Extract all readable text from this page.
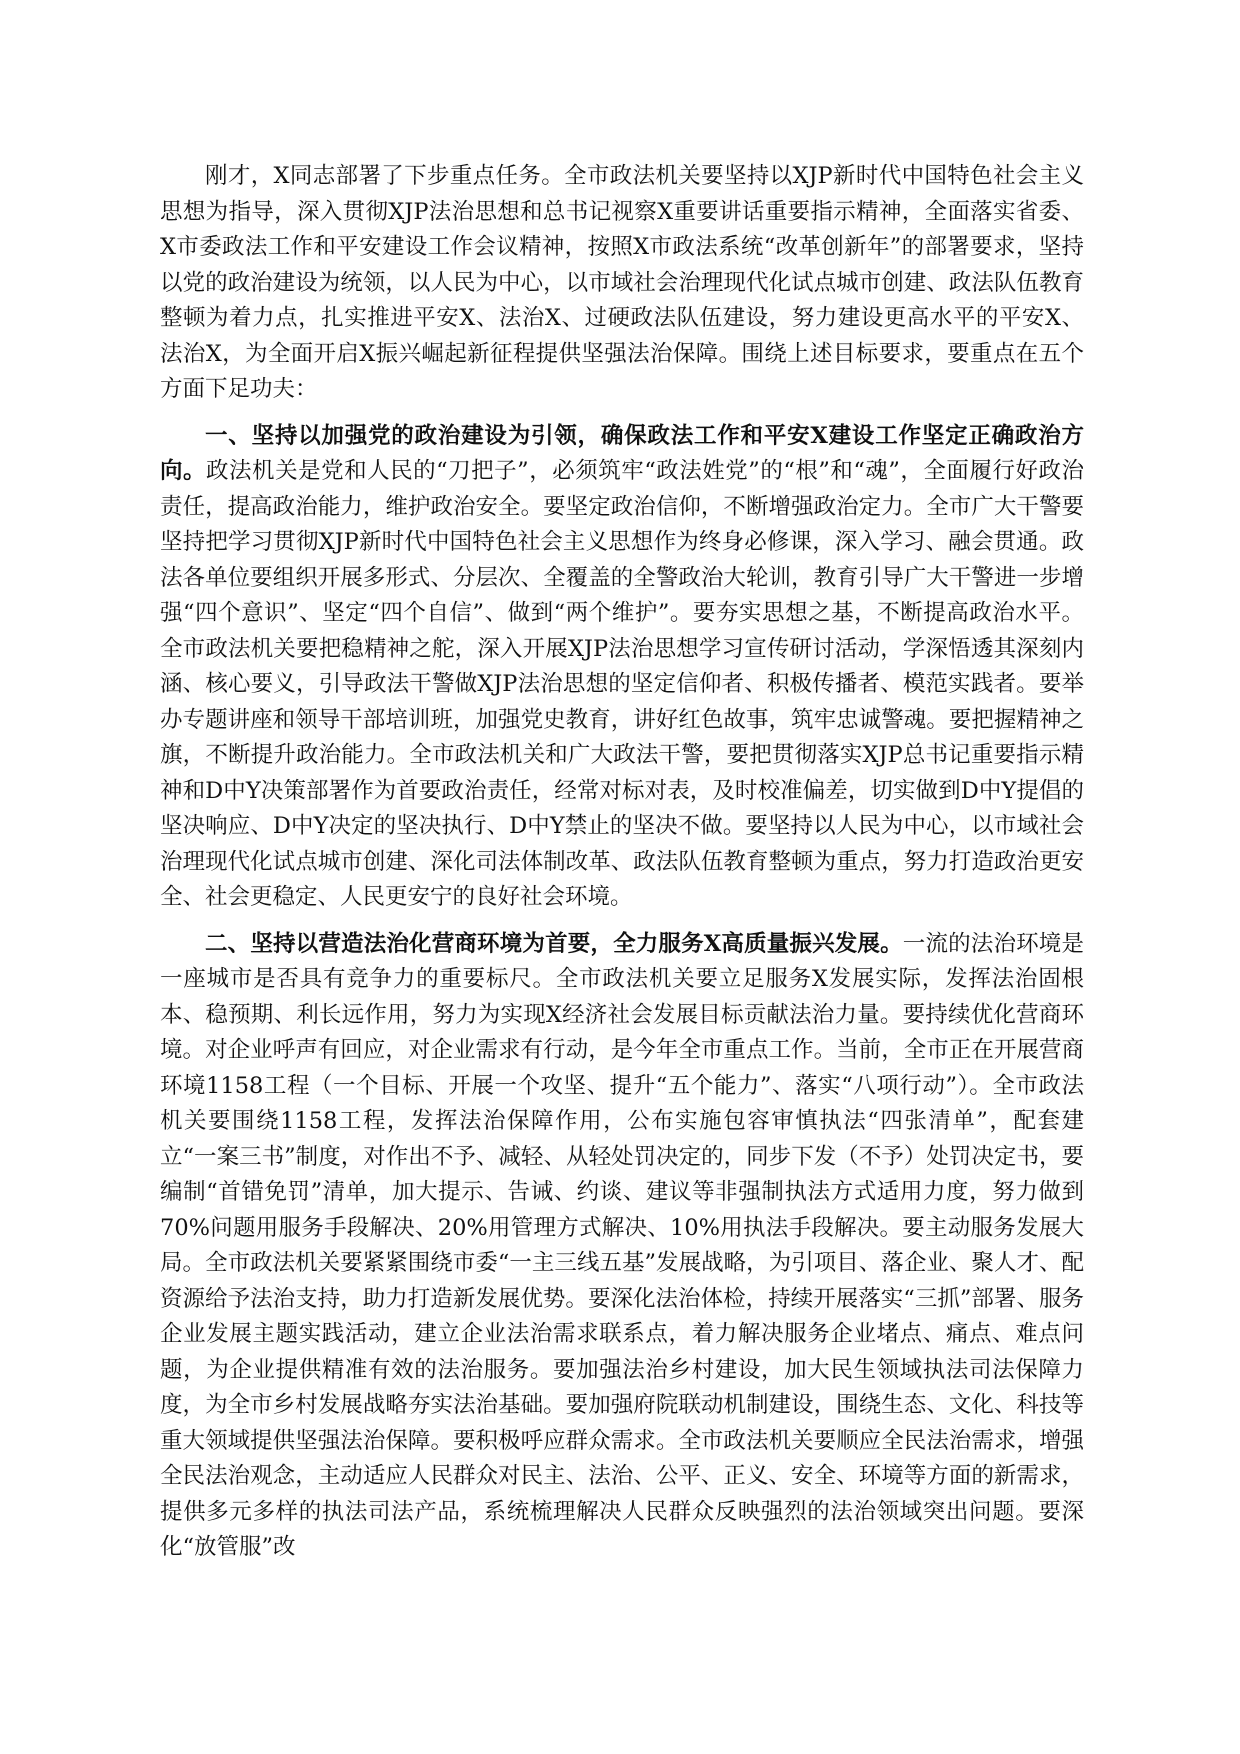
刚才，X同志部署了下步重点任务。全市政法机关要坚持以XJP新时代中国特色社会主义思想为指导，深入贯彻XJP法治思想和总书记视察X重要讲话重要指示精神，全面落实省委、X市委政法工作和平安建设工作会议精神，按照X市政法系统“改革创新年”的部署要求，坚持以党的政治建设为统领，以人民为中心，以市域社会治理现代化试点城市创建、政法队伍教育整顿为着力点，扎实推进平安X、法治X、过硬政法队伍建设，努力建设更高水平的平安X、法治X，为全面开启X振兴崛起新征程提供坚强法治保障。围绕上述目标要求，要重点在五个方面下足功夫：

一、坚持以加强党的政治建设为引领，确保政法工作和平安X建设工作坚定正确政治方向。政法机关是党和人民的“刀把子”，必须筑牢“政法姓党”的“根”和“魂”，全面履行好政治责任，提高政治能力，维护政治安全。要坚定政治信仰，不断增强政治定力。全市广大干警要坚持把学习贯彻XJP新时代中国特色社会主义思想作为终身必修课，深入学习、融会贯通。政法各单位要组织开展多形式、分层次、全覆盖的全警政治大轮训，教育引导广大干警进一步增强“四个意识”、坚定“四个自信”、做到“两个维护”。要夯实思想之基，不断提高政治水平。全市政法机关要把稳精神之舵，深入开展XJP法治思想学习宣传研讨活动，学深悟透其深刻内涵、核心要义，引导政法干警做XJP法治思想的坚定信仰者、积极传播者、模范实践者。要举办专题讲座和领导干部培训班，加强党史教育，讲好红色故事，筑牢忠诚警魂。要把握精神之旗，不断提升政治能力。全市政法机关和广大政法干警，要把贯彻落实XJP总书记重要指示精神和D中Y决策部署作为首要政治责任，经常对标对表，及时校准偏差，切实做到D中Y提倡的坚决响应、D中Y决定的坚决执行、D中Y禁止的坚决不做。要坚持以人民为中心，以市域社会治理现代化试点城市创建、深化司法体制改革、政法队伍教育整顿为重点，努力打造政治更安全、社会更稳定、人民更安宁的良好社会环境。

二、坚持以营造法治化营商环境为首要，全力服务X高质量振兴发展。一流的法治环境是一座城市是否具有竞争力的重要标尺。全市政法机关要立足服务X发展实际，发挥法治固根本、稳预期、利长远作用，努力为实现X经济社会发展目标贡献法治力量。要持续优化营商环境。对企业呼声有回应，对企业需求有行动，是今年全市重点工作。当前，全市正在开展营商环境1158工程（一个目标、开展一个攻坚、提升“五个能力”、落实“八项行动”）。全市政法机关要围绕1158工程，发挥法治保障作用，公布实施包容审慎执法“四张清单”，配套建立“一案三书”制度，对作出不予、减轻、从轻处罚决定的，同步下发（不予）处罚决定书，要编制“首错免罚”清单，加大提示、告诫、约谈、建议等非强制执法方式适用力度，努力做到70%问题用服务手段解决、20%用管理方式解决、10%用执法手段解决。要主动服务发展大局。全市政法机关要紧紧围绕市委“一主三线五基”发展战略，为引项目、落企业、聚人才、配资源给予法治支持，助力打造新发展优势。要深化法治体检，持续开展落实“三抓”部署、服务企业发展主题实践活动，建立企业法治需求联系点，着力解决服务企业堵点、痛点、难点问题，为企业提供精准有效的法治服务。要加强法治乡村建设，加大民生领域执法司法保障力度，为全市乡村发展战略夯实法治基础。要加强府院联动机制建设，围绕生态、文化、科技等重大领域提供坚强法治保障。要积极呼应群众需求。全市政法机关要顺应全民法治需求，增强全民法治观念，主动适应人民群众对民主、法治、公平、正义、安全、环境等方面的新需求，提供多元多样的执法司法产品，系统梳理解决人民群众反映强烈的法治领域突出问题。要深化“放管服”改
